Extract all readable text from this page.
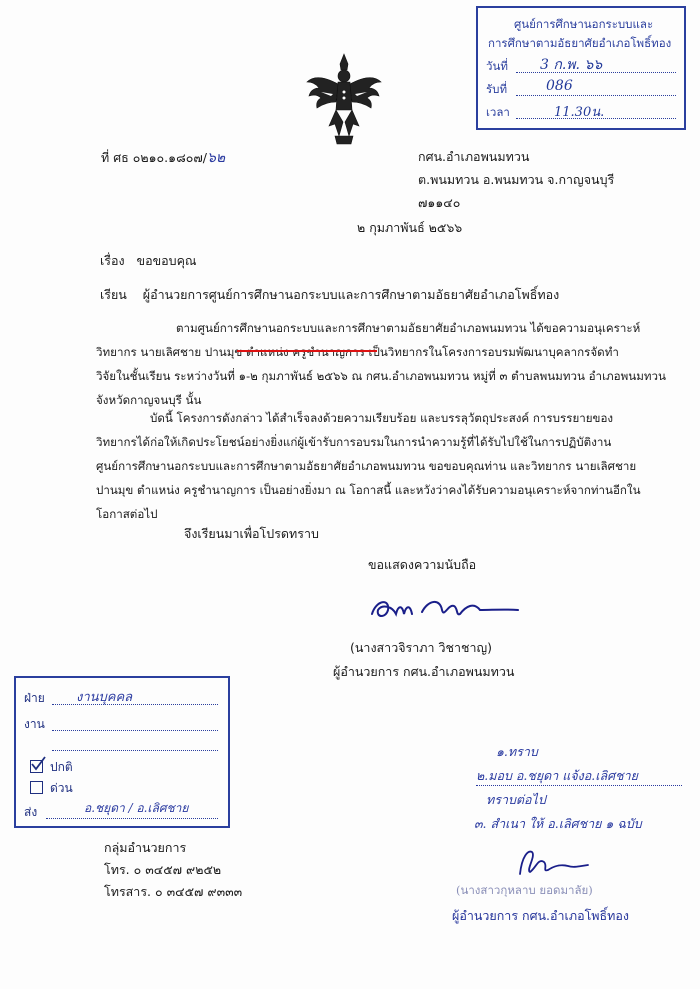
ศูนย์การศึกษานอกระบบและ
การศึกษาตามอัธยาศัยอำเภอโพธิ์ทอง
วันที่ 3 ก.พ. ๖๖
รับที่	086
เวลา	11.30น.
ที่ ศธ ๐๒๑๐.๑๘๐๗/๖๒	กศน.อำเภอพนมทวน
ต.พนมทวน อ.พนมทวน จ.กาญจนบุรี
๗๑๑๔๐
๒ กุมภาพันธ์ ๒๕๖๖
เรื่อง ขอขอบคุณ
เรียน ผู้อำนวยการศูนย์การศึกษานอกระบบและการศึกษาตามอัธยาศัยอำเภอโพธิ์ทอง

ตามศูนย์การศึกษานอกระบบและการศึกษาตามอัธยาศัยอำเภอพนมทวน ได้ขอความอนุเคราะห์

วิทยากร นายเลิศชาย ปานมุข ตำแหน่ง ครูชำนาญการ เป็นวิทยากรในโครงการอบรมพัฒนาบุคลากรจัดทำ

วิจัยในชั้นเรียน ระหว่างวันที่ ๑-๒ กุมภาพันธ์ ๒๕๖๖ ณ กศน.อำเภอพนมทวน หมู่ที่ ๓ ตำบลพนมทวน อำเภอพนมทวน

จังหวัดกาญจนบุรี นั้น

บัดนี้ โครงการดังกล่าว ได้สำเร็จลงด้วยความเรียบร้อย และบรรลุวัตถุประสงค์ การบรรยายของ

วิทยากรได้ก่อให้เกิดประโยชน์อย่างยิ่งแก่ผู้เข้ารับการอบรมในการนำความรู้ที่ได้รับไปใช้ในการปฏิบัติงาน

ศูนย์การศึกษานอกระบบและการศึกษาตามอัธยาศัยอำเภอพนมทวน ขอขอบคุณท่าน และวิทยากร นายเลิศชาย

ปานมุข ตำแหน่ง ครูชำนาญการ เป็นอย่างยิ่งมา ณ โอกาสนี้ และหวังว่าคงได้รับความอนุเคราะห์จากท่านอีกใน

โอกาสต่อไป

จึงเรียนมาเพื่อโปรดทราบ
ขอแสดงความนับถือ
(นางสาวจิราภา วิชาชาญ)
ผู้อำนวยการ กศน.อำเภอพนมทวน
ฝ่าย งานบุคคล
งาน
ปกติ
ด่วน
ส่ง	อ.ชยุดา / อ.เลิศชาย
กลุ่มอำนวยการ
โทร. ๐ ๓๔๕๗ ๙๒๕๒
โทรสาร. ๐ ๓๔๕๗ ๙๓๓๓
๑.ทราบ
๒.มอบ อ.ชยุดา แจ้งอ.เลิศชาย
ทราบต่อไป
๓. สำเนา ให้ อ.เลิศชาย ๑ ฉบับ
(นางสาวกุหลาบ ยอดมาลัย)
ผู้อำนวยการ กศน.อำเภอโพธิ์ทอง
